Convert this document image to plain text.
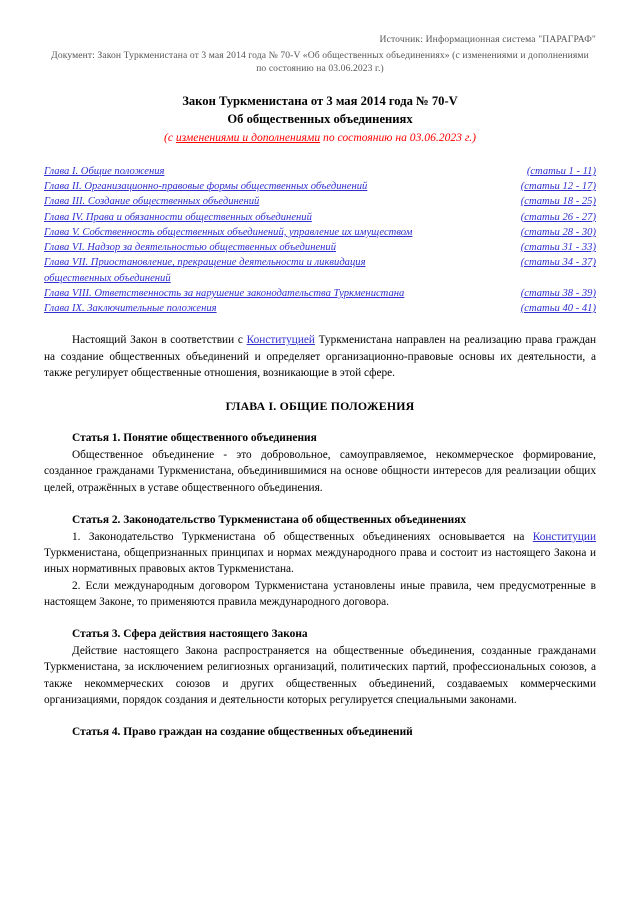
Источник: Информационная система "ПАРАГРАФ"
Документ: Закон Туркменистана от 3 мая 2014 года № 70-V «Об общественных объединениях» (с изменениями и дополнениями по состоянию на 03.06.2023 г.)
Закон Туркменистана от 3 мая 2014 года № 70-V
Об общественных объединениях
(с изменениями и дополнениями по состоянию на 03.06.2023 г.)
Глава I. Общие положения	(статьи 1 - 11)
Глава II. Организационно-правовые формы общественных объединений	(статьи 12 - 17)
Глава III. Создание общественных объединений	(статьи 18 - 25)
Глава IV. Права и обязанности общественных объединений	(статьи 26 - 27)
Глава V. Собственность общественных объединений, управление их имуществом	(статьи 28 - 30)
Глава VI. Надзор за деятельностью общественных объединений	(статьи 31 - 33)
Глава VII. Приостановление, прекращение деятельности и ликвидация общественных объединений	(статьи 34 - 37)
Глава VIII. Ответственность за нарушение законодательства Туркменистана	(статьи 38 - 39)
Глава IX. Заключительные положения	(статьи 40 - 41)

Настоящий Закон в соответствии с Конституцией Туркменистана направлен на реализацию права граждан на создание общественных объединений и определяет организационно-правовые основы их деятельности, а также регулирует общественные отношения, возникающие в этой сфере.

ГЛАВА I. ОБЩИЕ ПОЛОЖЕНИЯ
Статья 1. Понятие общественного объединения

Общественное объединение - это добровольное, самоуправляемое, некоммерческое формирование, созданное гражданами Туркменистана, объединившимися на основе общности интересов для реализации общих целей, отражённых в уставе общественного объединения.

Статья 2. Законодательство Туркменистана об общественных объединениях

1. Законодательство Туркменистана об общественных объединениях основывается на Конституции Туркменистана, общепризнанных принципах и нормах международного права и состоит из настоящего Закона и иных нормативных правовых актов Туркменистана.

2. Если международным договором Туркменистана установлены иные правила, чем предусмотренные в настоящем Законе, то применяются правила международного договора.

Статья 3. Сфера действия настоящего Закона

Действие настоящего Закона распространяется на общественные объединения, созданные гражданами Туркменистана, за исключением религиозных организаций, политических партий, профессиональных союзов, а также некоммерческих союзов и других общественных объединений, создаваемых коммерческими организациями, порядок создания и деятельности которых регулируется специальными законами.

Статья 4. Право граждан на создание общественных объединений
